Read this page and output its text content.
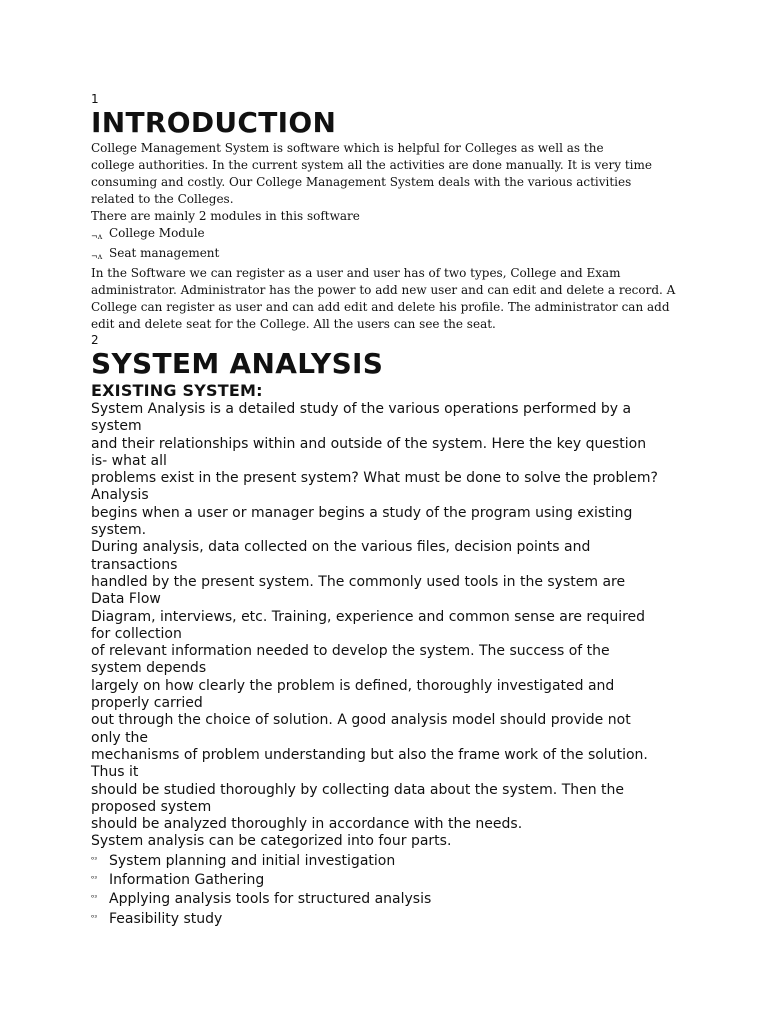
1

INTRODUCTION
College Management System is software which is helpful for Colleges as well as the
college authorities. In the current system all the activities are done manually. It is very time
consuming and costly. Our College Management System deals with the various activities
related to the Colleges.
There are mainly 2 modules in this software
¬ʌ College Module
¬ʌ Seat management
In the Software we can register as a user and user has of two types, College and Exam
administrator. Administrator has the power to add new user and can edit and delete a record. A
College can register as user and can add edit and delete his profile. The administrator can add
edit and delete seat for the College. All the users can see the seat.

2

SYSTEM ANALYSIS
EXISTING SYSTEM:
System Analysis is a detailed study of the various operations performed by a
system
and their relationships within and outside of the system. Here the key question
is- what all
problems exist in the present system? What must be done to solve the problem?
Analysis
begins when a user or manager begins a study of the program using existing
system.
During analysis, data collected on the various files, decision points and
transactions
handled by the present system. The commonly used tools in the system are
Data Flow
Diagram, interviews, etc. Training, experience and common sense are required
for collection
of relevant information needed to develop the system. The success of the
system depends
largely on how clearly the problem is defined, thoroughly investigated and
properly carried
out through the choice of solution. A good analysis model should provide not
only the
mechanisms of problem understanding but also the frame work of the solution.
Thus it
should be studied thoroughly by collecting data about the system. Then the
proposed system
should be analyzed thoroughly in accordance with the needs.
System analysis can be categorized into four parts.
ᵒᶟ System planning and initial investigation
ᵒᶟ Information Gathering
ᵒᶟ Applying analysis tools for structured analysis
ᵒᶟ Feasibility study
